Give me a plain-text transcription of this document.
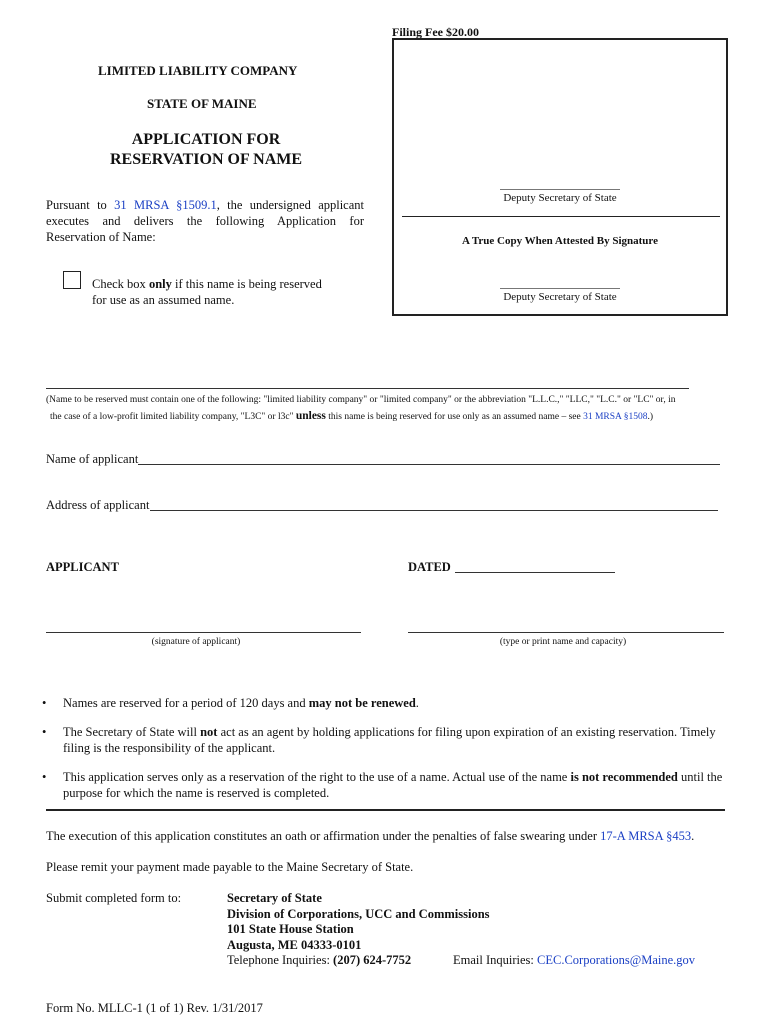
Filing Fee $20.00
LIMITED LIABILITY COMPANY
STATE OF MAINE
APPLICATION FOR
RESERVATION OF NAME
Pursuant to 31 MRSA §1509.1, the undersigned applicant
executes and delivers the following Application for
Reservation of Name:
Deputy Secretary of State
A True Copy When Attested By Signature
Deputy Secretary of State
Check box only if this name is being reserved
for use as an assumed name.
(Name to be reserved must contain one of the following: "limited liability company" or "limited company" or the abbreviation "L.L.C.," "LLC," "L.C." or "LC" or, in
the case of a low-profit limited liability company, "L3C" or l3c" unless this name is being reserved for use only as an assumed name – see 31 MRSA §1508.)
Name of applicant
Address of applicant
APPLICANT	DATED
(signature of applicant)	(type or print name and capacity)
• Names are reserved for a period of 120 days and may not be renewed.
• The Secretary of State will not act as an agent by holding applications for filing upon expiration of an existing reservation. Timely filing is the responsibility of the applicant.
• This application serves only as a reservation of the right to the use of a name. Actual use of the name is not recommended until the purpose for which the name is reserved is completed.
The execution of this application constitutes an oath or affirmation under the penalties of false swearing under 17-A MRSA §453.
Please remit your payment made payable to the Maine Secretary of State.
Submit completed form to:	Secretary of State
Division of Corporations, UCC and Commissions
101 State House Station
Augusta, ME 04333-0101
Telephone Inquiries: (207) 624-7752	Email Inquiries: CEC.Corporations@Maine.gov
Form No. MLLC-1 (1 of 1) Rev. 1/31/2017
